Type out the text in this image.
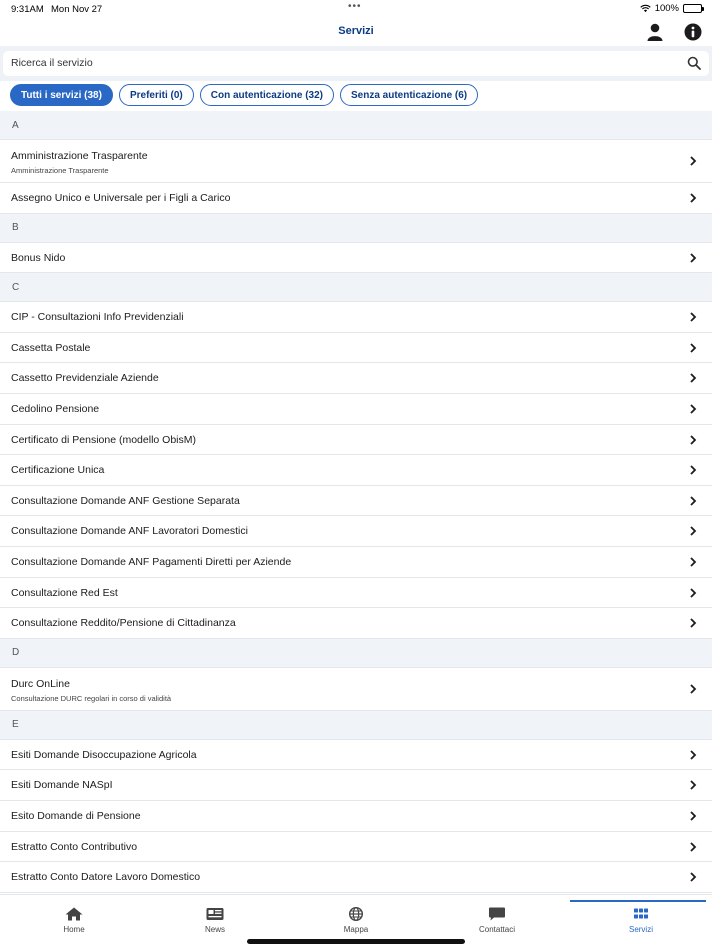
9:31AM Mon Nov 27	•••	100%
Servizi
Ricerca il servizio
Tutti i servizi (38)	Preferiti (0)	Con autenticazione (32)	Senza autenticazione (6)
A
Amministrazione Trasparente
Amministrazione Trasparente
Assegno Unico e Universale per i Figli a Carico
B
Bonus Nido
C
CIP - Consultazioni Info Previdenziali
Cassetta Postale
Cassetto Previdenziale Aziende
Cedolino Pensione
Certificato di Pensione (modello ObisM)
Certificazione Unica
Consultazione Domande ANF Gestione Separata
Consultazione Domande ANF Lavoratori Domestici
Consultazione Domande ANF Pagamenti Diretti per Aziende
Consultazione Red Est
Consultazione Reddito/Pensione di Cittadinanza
D
Durc OnLine
Consultazione DURC regolari in corso di validità
E
Esiti Domande Disoccupazione Agricola
Esiti Domande NASpI
Esito Domande di Pensione
Estratto Conto Contributivo
Estratto Conto Datore Lavoro Domestico
Home	News	Mappa	Contattaci	Servizi
